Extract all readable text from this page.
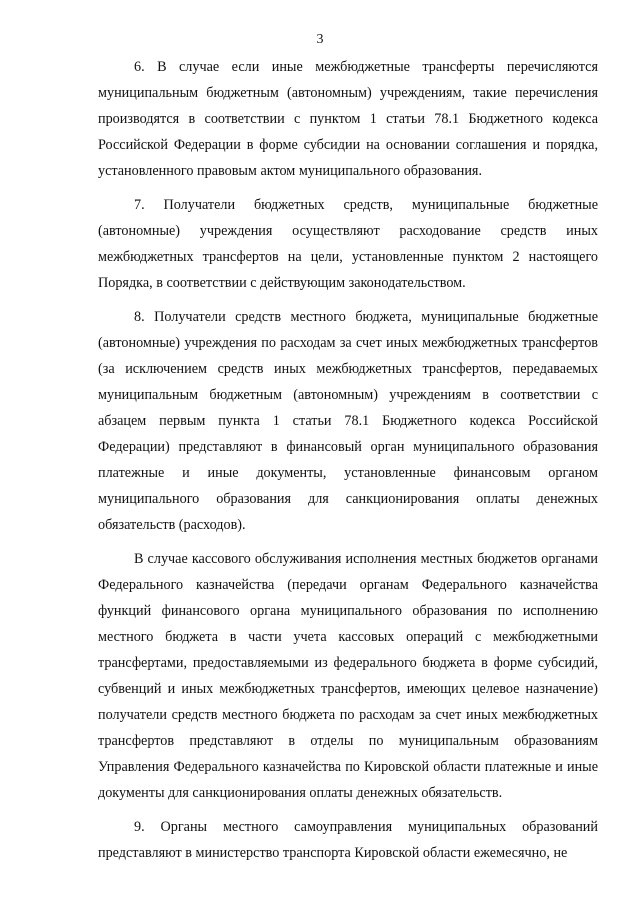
3

6. В случае если иные межбюджетные трансферты перечисляются муниципальным бюджетным (автономным) учреждениям, такие перечисления производятся в соответствии с пунктом 1 статьи 78.1 Бюджетного кодекса Российской Федерации в форме субсидии на основании соглашения и порядка, установленного правовым актом муниципального образования.

7. Получатели бюджетных средств, муниципальные бюджетные (автономные) учреждения осуществляют расходование средств иных межбюджетных трансфертов на цели, установленные пунктом 2 настоящего Порядка, в соответствии с действующим законодательством.

8. Получатели средств местного бюджета, муниципальные бюджетные (автономные) учреждения по расходам за счет иных межбюджетных трансфертов (за исключением средств иных межбюджетных трансфертов, передаваемых муниципальным бюджетным (автономным) учреждениям в соответствии с абзацем первым пункта 1 статьи 78.1 Бюджетного кодекса Российской Федерации) представляют в финансовый орган муниципального образования платежные и иные документы, установленные финансовым органом муниципального образования для санкционирования оплаты денежных обязательств (расходов).

В случае кассового обслуживания исполнения местных бюджетов органами Федерального казначейства (передачи органам Федерального казначейства функций финансового органа муниципального образования по исполнению местного бюджета в части учета кассовых операций с межбюджетными трансфертами, предоставляемыми из федерального бюджета в форме субсидий, субвенций и иных межбюджетных трансфертов, имеющих целевое назначение) получатели средств местного бюджета по расходам за счет иных межбюджетных трансфертов представляют в отделы по муниципальным образованиям Управления Федерального казначейства по Кировской области платежные и иные документы для санкционирования оплаты денежных обязательств.

9. Органы местного самоуправления муниципальных образований представляют в министерство транспорта Кировской области ежемесячно, не
